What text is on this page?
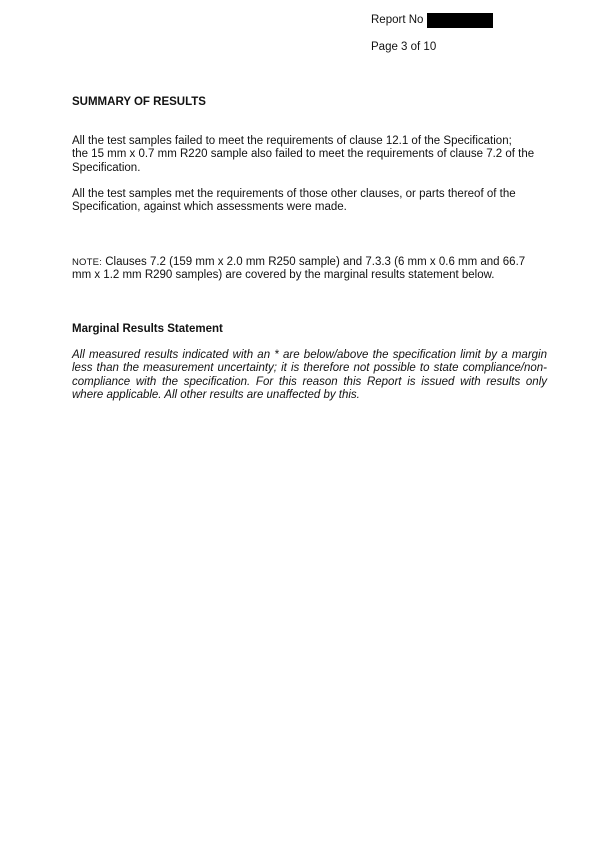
Report No
Page 3 of 10
SUMMARY OF RESULTS

All the test samples failed to meet the requirements of clause 12.1 of the Specification;

the 15 mm x 0.7 mm R220 sample also failed to meet the requirements of clause 7.2 of the Specification.

All the test samples met the requirements of those other clauses, or parts thereof of the Specification, against which assessments were made.

NOTE: Clauses 7.2 (159 mm x 2.0 mm R250 sample) and 7.3.3 (6 mm x 0.6 mm and 66.7 mm x 1.2 mm R290 samples) are covered by the marginal results statement below.

Marginal Results Statement

All measured results indicated with an * are below/above the specification limit by a margin less than the measurement uncertainty; it is therefore not possible to state compliance/non-compliance with the specification. For this reason this Report is issued with results only where applicable. All other results are unaffected by this.
